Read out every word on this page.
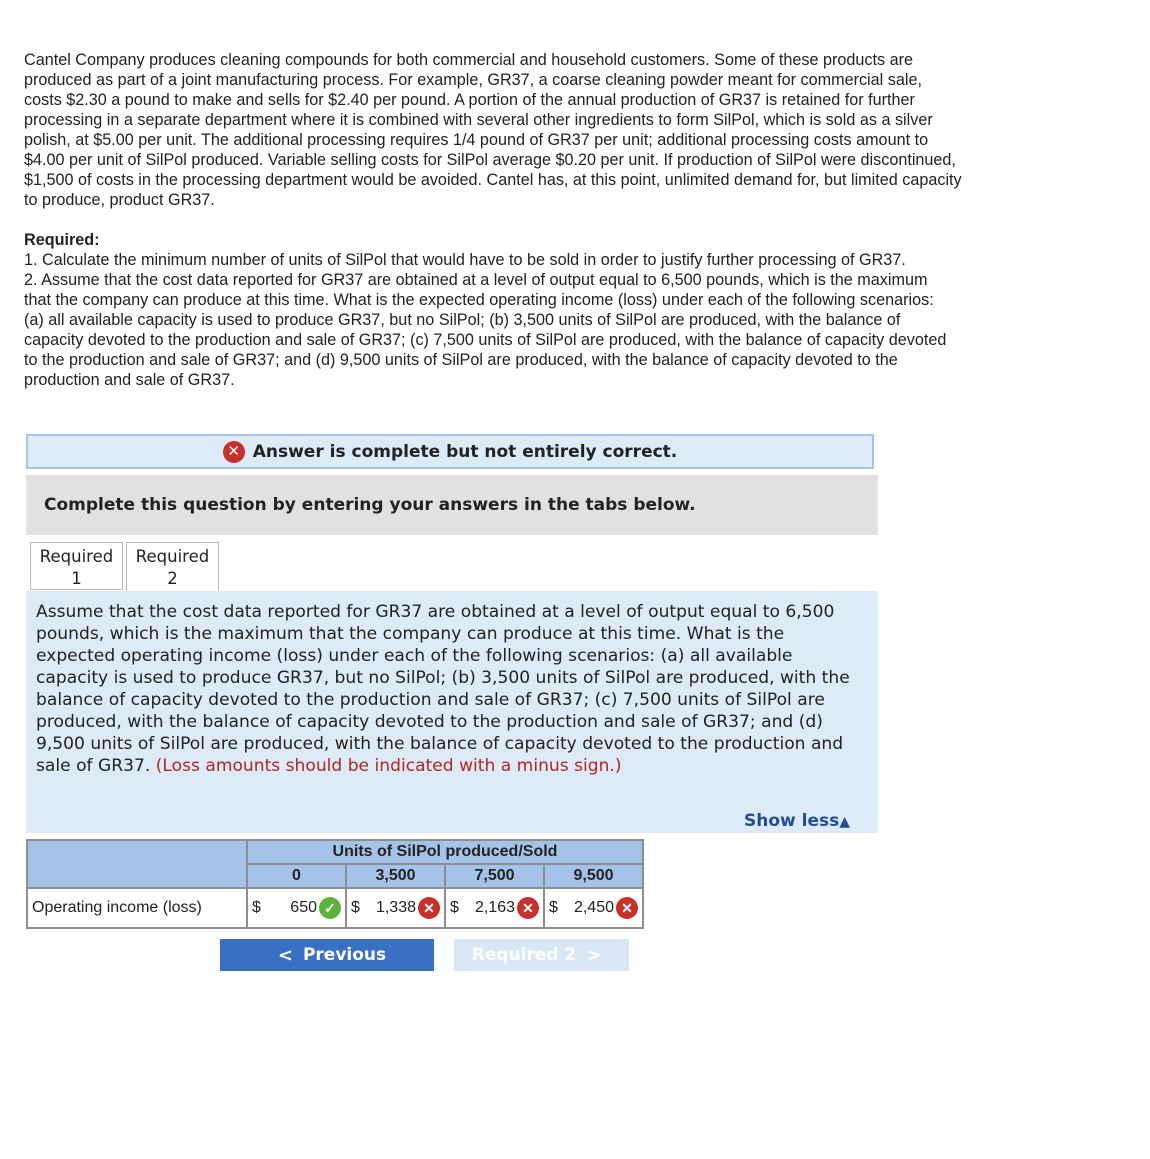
Cantel Company produces cleaning compounds for both commercial and household customers. Some of these products are produced as part of a joint manufacturing process. For example, GR37, a coarse cleaning powder meant for commercial sale, costs $2.30 a pound to make and sells for $2.40 per pound. A portion of the annual production of GR37 is retained for further processing in a separate department where it is combined with several other ingredients to form SilPol, which is sold as a silver polish, at $5.00 per unit. The additional processing requires 1/4 pound of GR37 per unit; additional processing costs amount to $4.00 per unit of SilPol produced. Variable selling costs for SilPol average $0.20 per unit. If production of SilPol were discontinued, $1,500 of costs in the processing department would be avoided. Cantel has, at this point, unlimited demand for, but limited capacity to produce, product GR37.

Required:

1. Calculate the minimum number of units of SilPol that would have to be sold in order to justify further processing of GR37.

2. Assume that the cost data reported for GR37 are obtained at a level of output equal to 6,500 pounds, which is the maximum that the company can produce at this time. What is the expected operating income (loss) under each of the following scenarios: (a) all available capacity is used to produce GR37, but no SilPol; (b) 3,500 units of SilPol are produced, with the balance of capacity devoted to the production and sale of GR37; (c) 7,500 units of SilPol are produced, with the balance of capacity devoted to the production and sale of GR37; and (d) 9,500 units of SilPol are produced, with the balance of capacity devoted to the production and sale of GR37.

✕ Answer is complete but not entirely correct.
Complete this question by entering your answers in the tabs below.
Required
1
Required
2
Assume that the cost data reported for GR37 are obtained at a level of output equal to 6,500 pounds, which is the maximum that the company can produce at this time. What is the expected operating income (loss) under each of the following scenarios: (a) all available capacity is used to produce GR37, but no SilPol; (b) 3,500 units of SilPol are produced, with the balance of capacity devoted to the production and sale of GR37; (c) 7,500 units of SilPol are produced, with the balance of capacity devoted to the production and sale of GR37; and (d) 9,500 units of SilPol are produced, with the balance of capacity devoted to the production and sale of GR37. (Loss amounts should be indicated with a minus sign.)
Show less▲
	Units of SilPol produced/Sold			
	0	3,500	7,500	9,500
Operating income (loss)	$ 650 ✓	$ 1,338 ✕	$ 2,163 ✕	$ 2,450 ✕
< Previous	Required 2 >
